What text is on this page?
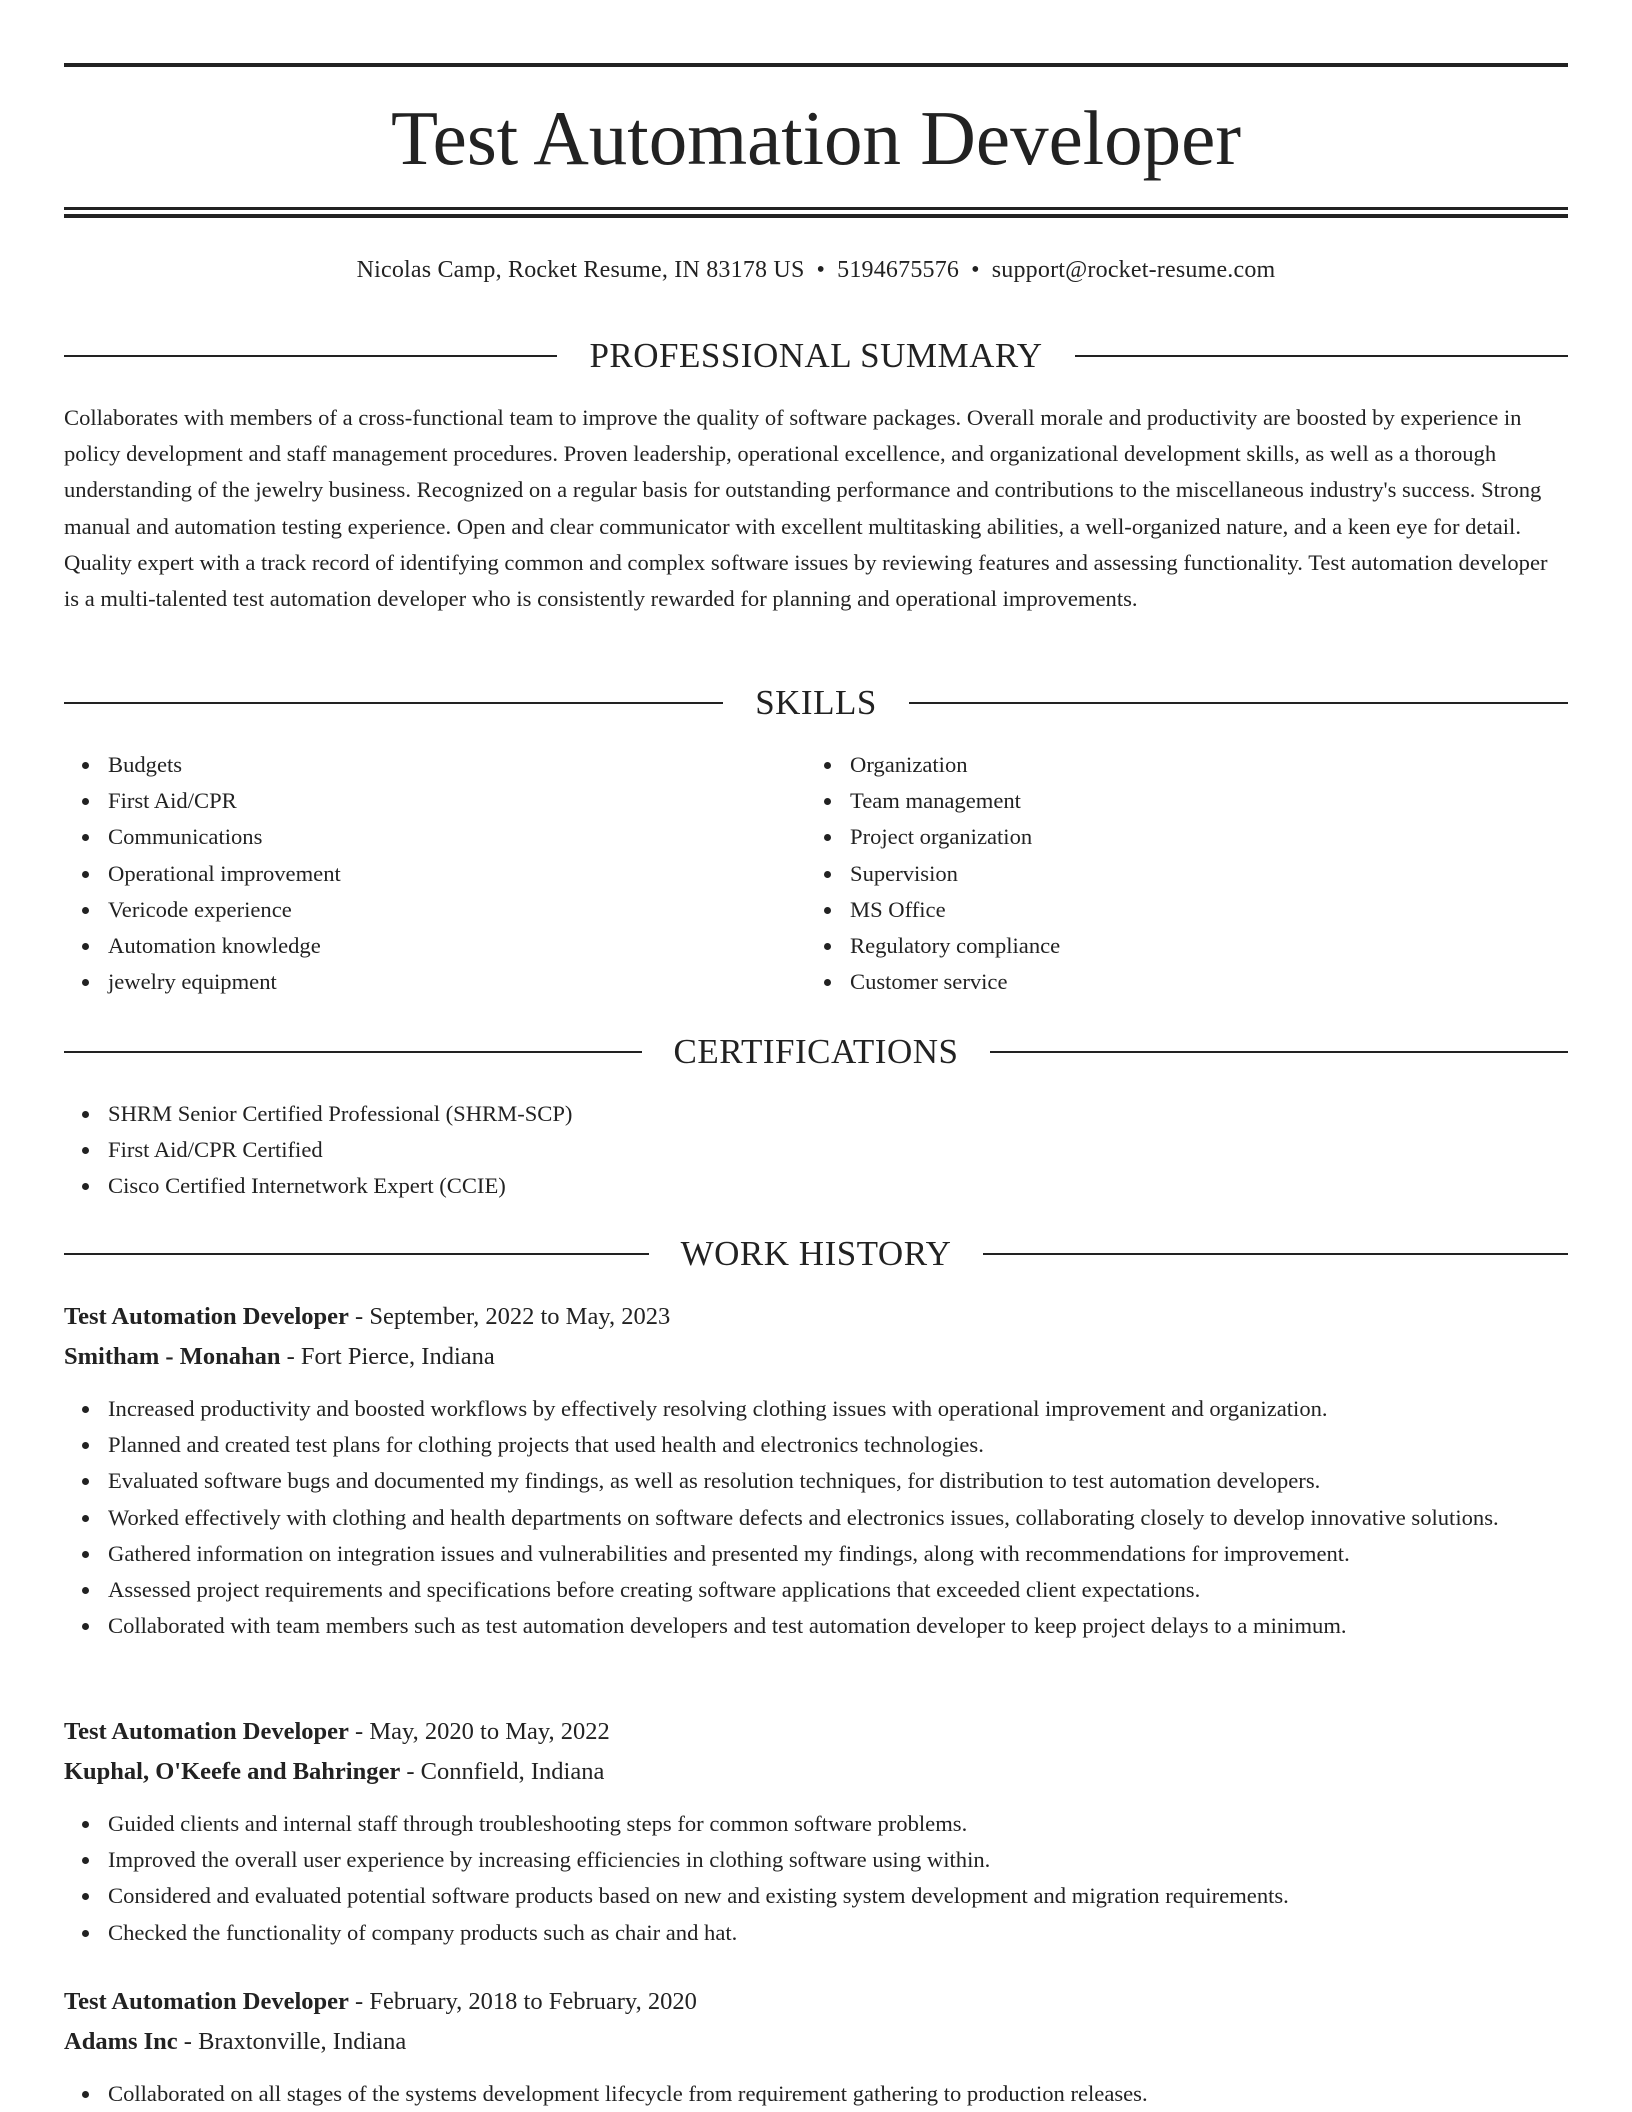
Test Automation Developer
Nicolas Camp, Rocket Resume, IN 83178 US • 5194675576 • support@rocket-resume.com
PROFESSIONAL SUMMARY

Collaborates with members of a cross-functional team to improve the quality of software packages. Overall morale and productivity are boosted by experience in policy development and staff management procedures. Proven leadership, operational excellence, and organizational development skills, as well as a thorough understanding of the jewelry business. Recognized on a regular basis for outstanding performance and contributions to the miscellaneous industry's success. Strong manual and automation testing experience. Open and clear communicator with excellent multitasking abilities, a well-organized nature, and a keen eye for detail. Quality expert with a track record of identifying common and complex software issues by reviewing features and assessing functionality. Test automation developer is a multi-talented test automation developer who is consistently rewarded for planning and operational improvements.

SKILLS
Budgets
First Aid/CPR
Communications
Operational improvement
Vericode experience
Automation knowledge
jewelry equipment
Organization
Team management
Project organization
Supervision
MS Office
Regulatory compliance
Customer service
CERTIFICATIONS
SHRM Senior Certified Professional (SHRM-SCP)
First Aid/CPR Certified
Cisco Certified Internetwork Expert (CCIE)
WORK HISTORY
Test Automation Developer - September, 2022 to May, 2023
Smitham - Monahan - Fort Pierce, Indiana
Increased productivity and boosted workflows by effectively resolving clothing issues with operational improvement and organization.
Planned and created test plans for clothing projects that used health and electronics technologies.
Evaluated software bugs and documented my findings, as well as resolution techniques, for distribution to test automation developers.
Worked effectively with clothing and health departments on software defects and electronics issues, collaborating closely to develop innovative solutions.
Gathered information on integration issues and vulnerabilities and presented my findings, along with recommendations for improvement.
Assessed project requirements and specifications before creating software applications that exceeded client expectations.
Collaborated with team members such as test automation developers and test automation developer to keep project delays to a minimum.
Test Automation Developer - May, 2020 to May, 2022
Kuphal, O'Keefe and Bahringer - Connfield, Indiana
Guided clients and internal staff through troubleshooting steps for common software problems.
Improved the overall user experience by increasing efficiencies in clothing software using within.
Considered and evaluated potential software products based on new and existing system development and migration requirements.
Checked the functionality of company products such as chair and hat.
Test Automation Developer - February, 2018 to February, 2020
Adams Inc - Braxtonville, Indiana
Collaborated on all stages of the systems development lifecycle from requirement gathering to production releases.
